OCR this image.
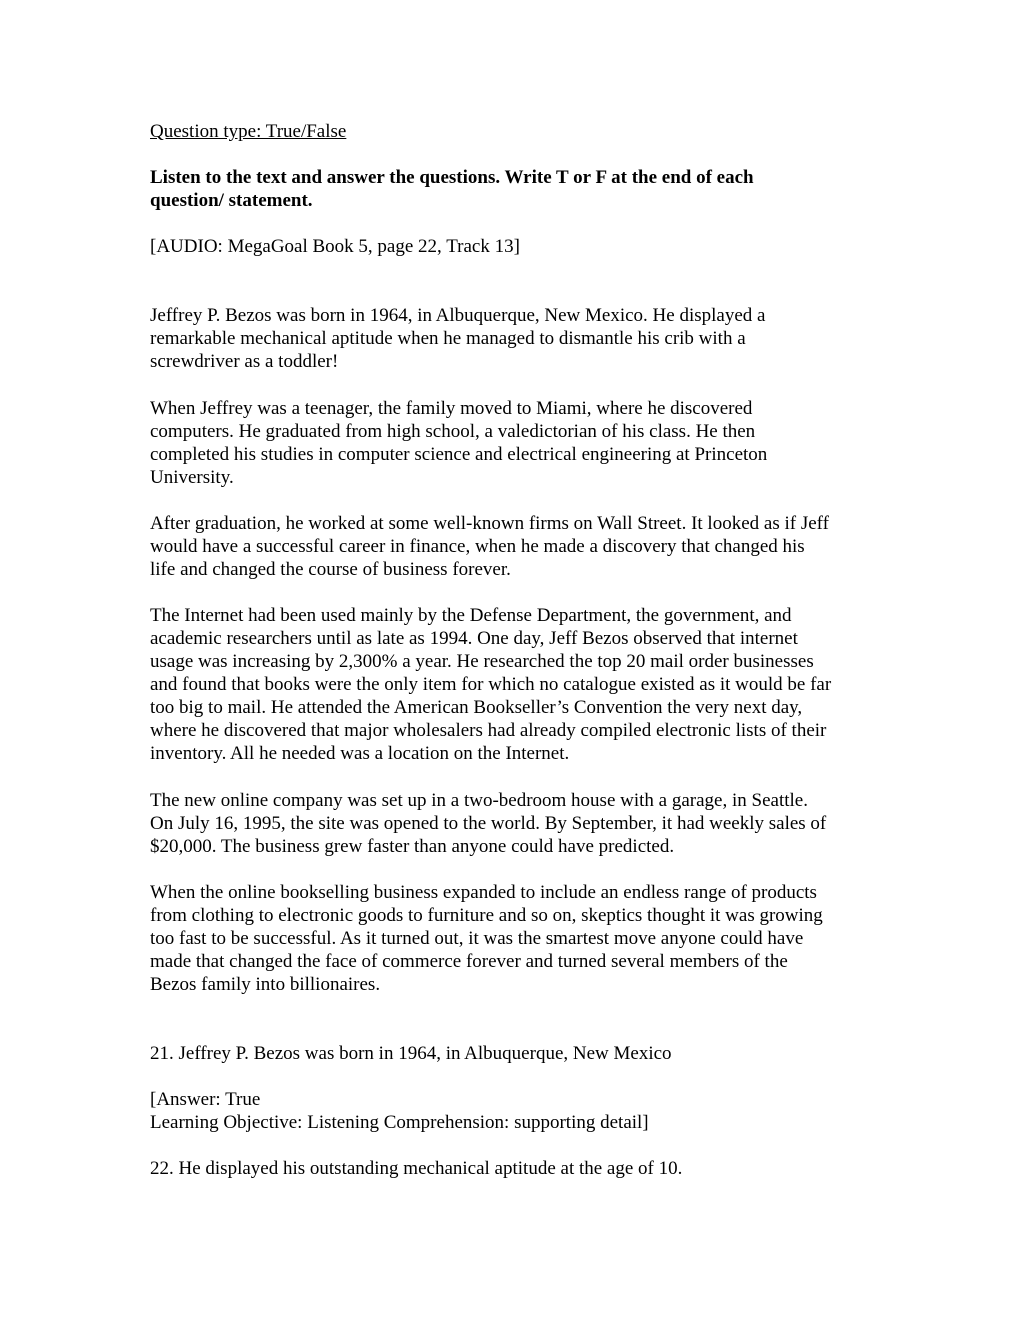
Question type: True/False

Listen to the text and answer the questions. Write T or F at the end of each
question/ statement.

[AUDIO: MegaGoal Book 5, page 22, Track 13]

Jeffrey P. Bezos was born in 1964, in Albuquerque, New Mexico. He displayed a
remarkable mechanical aptitude when he managed to dismantle his crib with a
screwdriver as a toddler!

When Jeffrey was a teenager, the family moved to Miami, where he discovered
computers. He graduated from high school, a valedictorian of his class. He then
completed his studies in computer science and electrical engineering at Princeton
University.

After graduation, he worked at some well-known firms on Wall Street. It looked as if Jeff
would have a successful career in finance, when he made a discovery that changed his
life and changed the course of business forever.

The Internet had been used mainly by the Defense Department, the government, and
academic researchers until as late as 1994. One day, Jeff Bezos observed that internet
usage was increasing by 2,300% a year. He researched the top 20 mail order businesses
and found that books were the only item for which no catalogue existed as it would be far
too big to mail. He attended the American Bookseller’s Convention the very next day,
where he discovered that major wholesalers had already compiled electronic lists of their
inventory. All he needed was a location on the Internet.

The new online company was set up in a two-bedroom house with a garage, in Seattle.
On July 16, 1995, the site was opened to the world. By September, it had weekly sales of
$20,000. The business grew faster than anyone could have predicted.

When the online bookselling business expanded to include an endless range of products
from clothing to electronic goods to furniture and so on, skeptics thought it was growing
too fast to be successful. As it turned out, it was the smartest move anyone could have
made that changed the face of commerce forever and turned several members of the
Bezos family into billionaires.

21. Jeffrey P. Bezos was born in 1964, in Albuquerque, New Mexico

[Answer: True
Learning Objective: Listening Comprehension: supporting detail]

22. He displayed his outstanding mechanical aptitude at the age of 10.
